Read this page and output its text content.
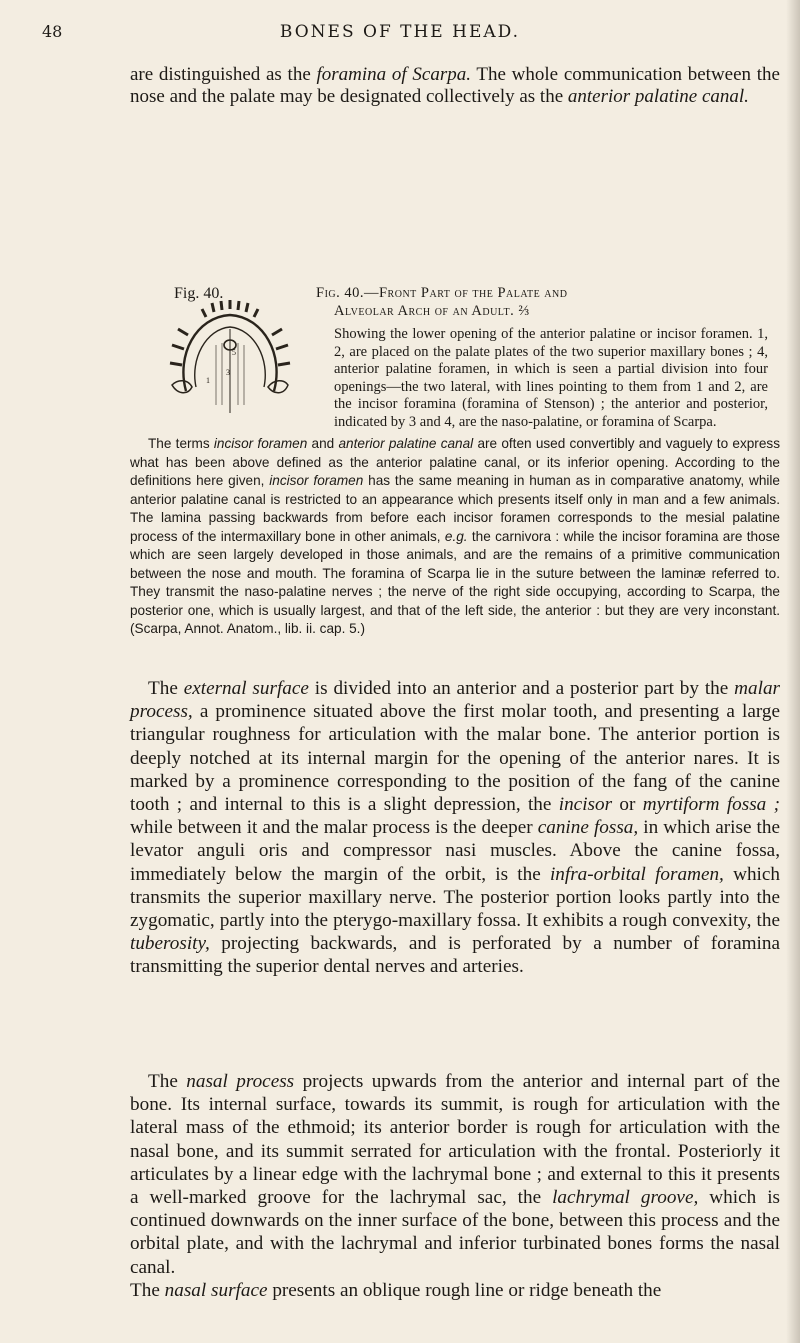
48	BONES OF THE HEAD.
are distinguished as the foramina of Scarpa. The whole communication between the nose and the palate may be designated collectively as the anterior palatine canal.
Fig. 40.
3
5
1
Fig. 40.—Front Part of the Palate and
Alveolar Arch of an Adult. ⅔
Showing the lower opening of the anterior palatine or incisor foramen. 1, 2, are placed on the palate plates of the two superior maxillary bones ; 4, anterior palatine foramen, in which is seen a partial division into four openings—the two lateral, with lines pointing to them from 1 and 2, are the incisor foramina (foramina of Stenson) ; the anterior and posterior, indicated by 3 and 4, are the naso-palatine, or foramina of Scarpa.
The terms incisor foramen and anterior palatine canal are often used convertibly and vaguely to express what has been above defined as the anterior palatine canal, or its inferior opening. According to the definitions here given, incisor foramen has the same meaning in human as in comparative anatomy, while anterior palatine canal is restricted to an appearance which presents itself only in man and a few animals. The lamina passing backwards from before each incisor foramen corresponds to the mesial palatine process of the intermaxillary bone in other animals, e.g. the carnivora : while the incisor foramina are those which are seen largely developed in those animals, and are the remains of a primitive communication between the nose and mouth. The foramina of Scarpa lie in the suture between the laminæ referred to. They transmit the naso-palatine nerves ; the nerve of the right side occupying, according to Scarpa, the posterior one, which is usually largest, and that of the left side, the anterior : but they are very inconstant. (Scarpa, Annot. Anatom., lib. ii. cap. 5.)
The external surface is divided into an anterior and a posterior part by the malar process, a prominence situated above the first molar tooth, and presenting a large triangular roughness for articulation with the malar bone. The anterior portion is deeply notched at its internal margin for the opening of the anterior nares. It is marked by a prominence corresponding to the position of the fang of the canine tooth ; and internal to this is a slight depression, the incisor or myrtiform fossa ; while between it and the malar process is the deeper canine fossa, in which arise the levator anguli oris and compressor nasi muscles. Above the canine fossa, immediately below the margin of the orbit, is the infra-orbital foramen, which transmits the superior maxillary nerve. The posterior portion looks partly into the zygomatic, partly into the pterygo-maxillary fossa. It exhibits a rough convexity, the tuberosity, projecting backwards, and is perforated by a number of foramina transmitting the superior dental nerves and arteries.
The nasal process projects upwards from the anterior and internal part of the bone. Its internal surface, towards its summit, is rough for articulation with the lateral mass of the ethmoid; its anterior border is rough for articulation with the nasal bone, and its summit serrated for articulation with the frontal. Posteriorly it articulates by a linear edge with the lachrymal bone ; and external to this it presents a well-marked groove for the lachrymal sac, the lachrymal groove, which is continued downwards on the inner surface of the bone, between this process and the orbital plate, and with the lachrymal and inferior turbinated bones forms the nasal canal.
The nasal surface presents an oblique rough line or ridge beneath the
